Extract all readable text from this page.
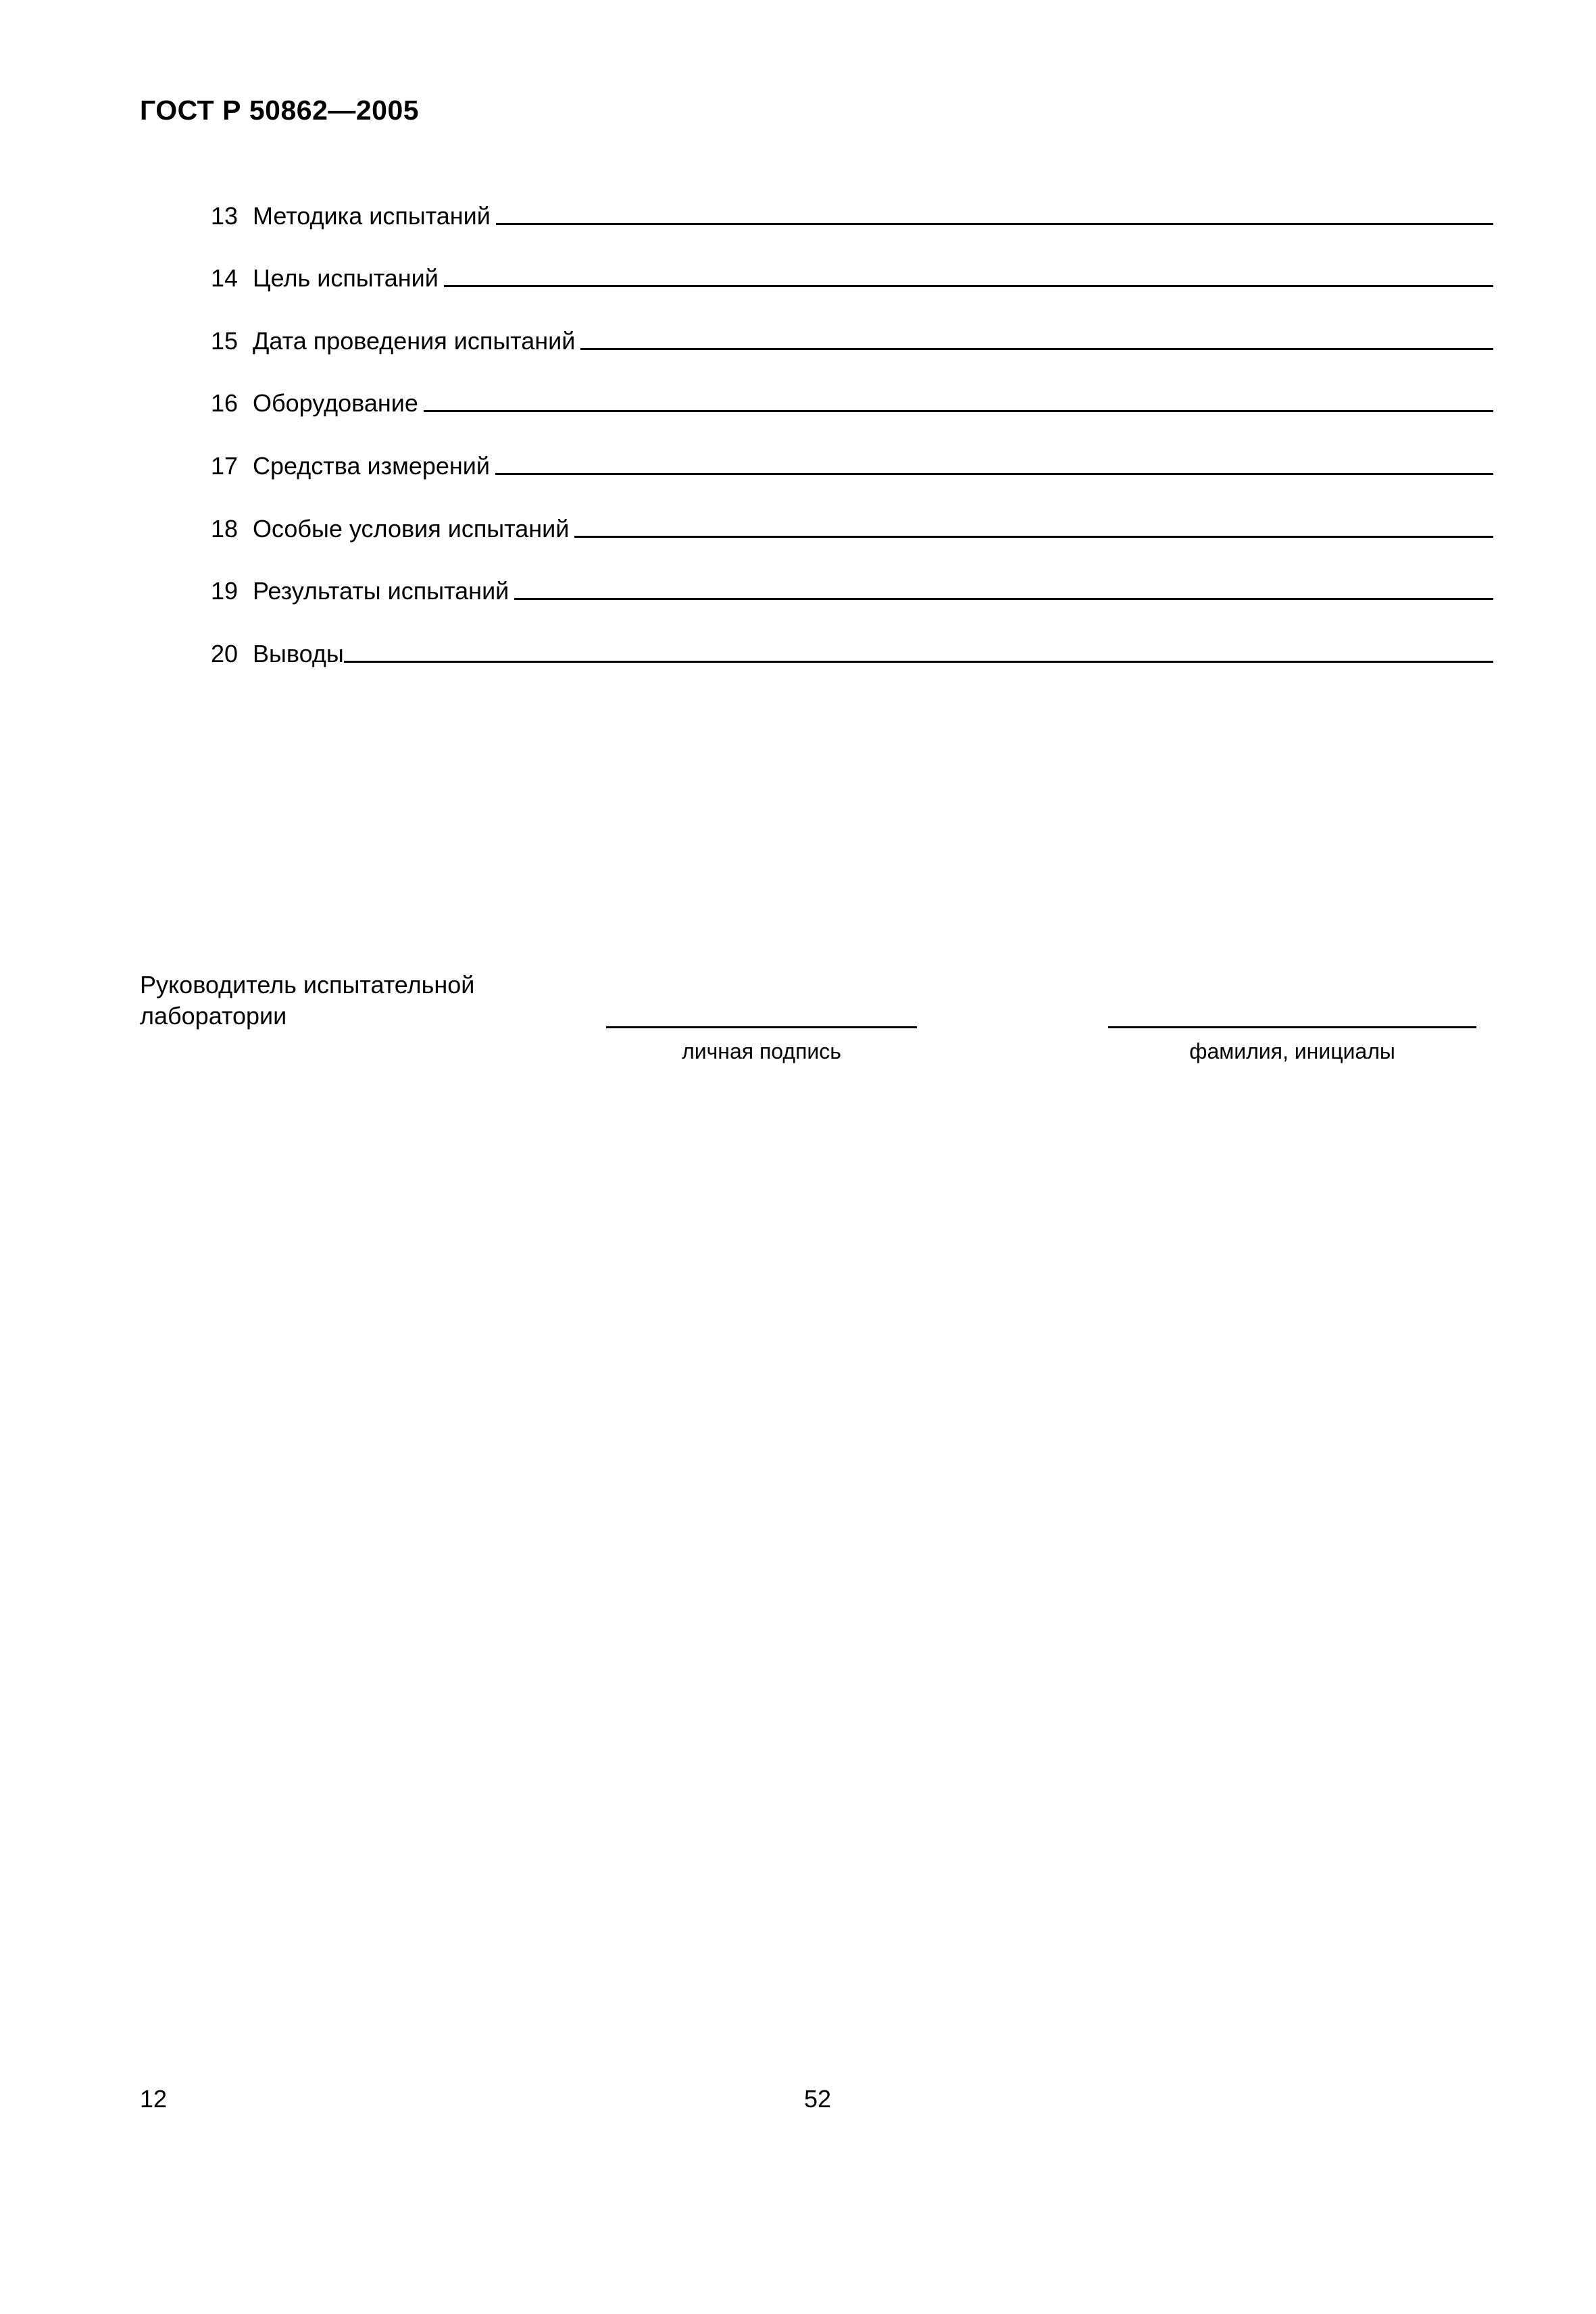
ГОСТ Р 50862—2005
13 Методика испытаний
14 Цель испытаний
15 Дата проведения испытаний
16 Оборудование
17 Средства измерений
18 Особые условия испытаний
19 Результаты испытаний
20 Выводы
Руководитель испытательной
лаборатории
личная подпись	фамилия, инициалы
12	52
